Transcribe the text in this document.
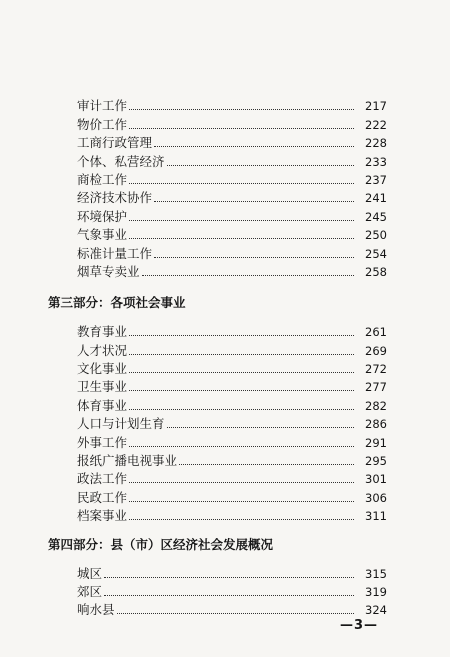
审计工作	217
物价工作	222
工商行政管理	228
个体、私营经济	233
商检工作	237
经济技术协作	241
环境保护	245
气象事业	250
标准计量工作	254
烟草专卖业	258
第三部分：各项社会事业
教育事业	261
人才状况	269
文化事业	272
卫生事业	277
体育事业	282
人口与计划生育	286
外事工作	291
报纸广播电视事业	295
政法工作	301
民政工作	306
档案事业	311
第四部分：县（市）区经济社会发展概况
城区	315
郊区	319
响水县	324
—3—
